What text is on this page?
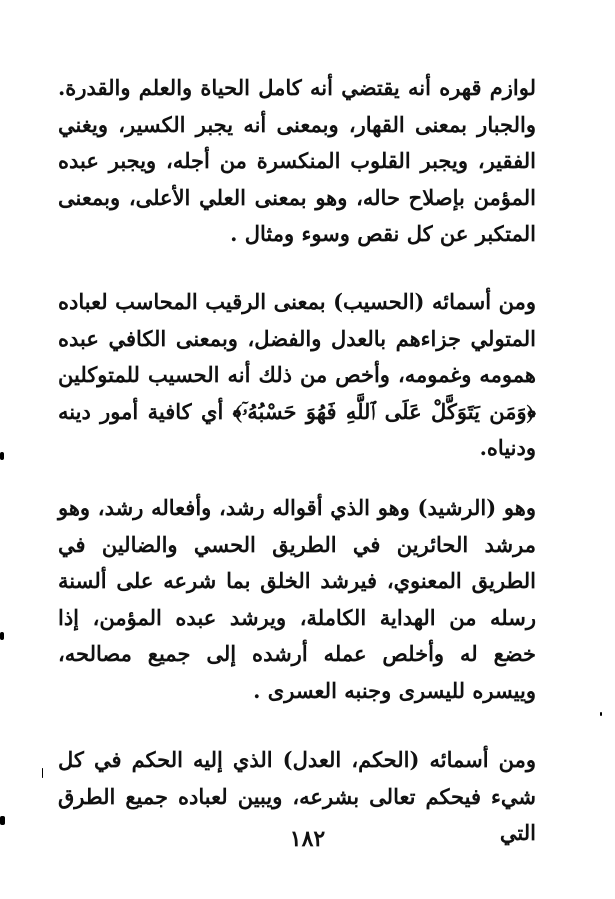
لوازم قهره أنه يقتضي أنه كامل الحياة والعلم والقدرة. والجبار بمعنى القهار، وبمعنى أنه يجبر الكسير، ويغني الفقير، ويجبر القلوب المنكسرة من أجله، ويجبر عبده المؤمن بإصلاح حاله، وهو بمعنى العلي الأعلى، وبمعنى المتكبر عن كل نقص وسوء ومثال .

ومن أسمائه (الحسيب) بمعنى الرقيب المحاسب لعباده المتولي جزاءهم بالعدل والفضل، وبمعنى الكافي عبده همومه وغمومه، وأخص من ذلك أنه الحسيب للمتوكلين ﴿وَمَن يَتَوَكَّلْ عَلَى ٱللَّهِ فَهُوَ حَسْبُهُۥٓ﴾ أي كافية أمور دينه ودنياه.

وهو (الرشيد) وهو الذي أقواله رشد، وأفعاله رشد، وهو مرشد الحائرين في الطريق الحسي والضالين في الطريق المعنوي، فيرشد الخلق بما شرعه على ألسنة رسله من الهداية الكاملة، ويرشد عبده المؤمن، إذا خضع له وأخلص عمله أرشده إلى جميع مصالحه، وييسره لليسرى وجنبه العسرى .

ومن أسمائه (الحكم، العدل) الذي إليه الحكم في كل شيء فيحكم تعالى بشرعه، ويبين لعباده جميع الطرق التي

١٨٢
